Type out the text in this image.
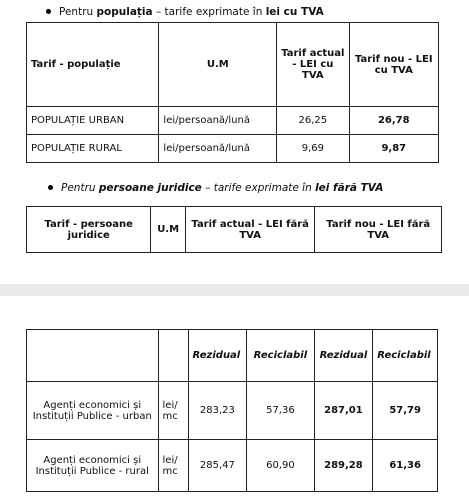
Pentru populația – tarife exprimate în lei cu TVA
Tarif - populație	U.M	Tarif actual - LEI cu TVA	Tarif nou - LEI cu TVA
POPULAȚIE URBAN	lei/persoană/lună	26,25	26,78
POPULAȚIE RURAL	lei/persoană/lună	9,69	9,87
Pentru persoane juridice – tarife exprimate în lei fără TVA
Tarif - persoane juridice	U.M	Tarif actual - LEI fără TVA	Tarif nou - LEI fără TVA
		Rezidual	Reciclabil	Rezidual	Reciclabil
Agenți economici și Instituții Publice - urban	lei/ mc	283,23	57,36	287,01	57,79
Agenți economici și Instituții Publice - rural	lei/ mc	285,47	60,90	289,28	61,36
